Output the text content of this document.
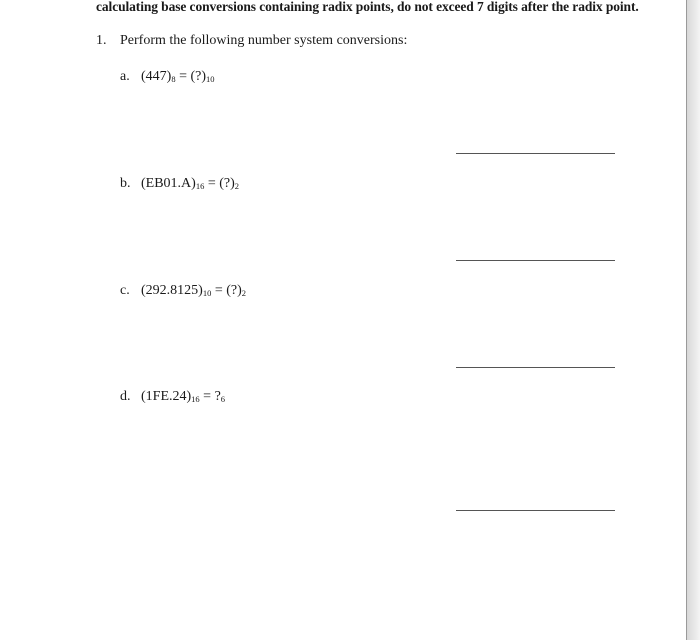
calculating base conversions containing radix points, do not exceed 7 digits after the radix point.
1. Perform the following number system conversions:
a. $(447)_8$ = $(?)_{10}$
b. $(EB01.A)_{16}$ = $(?)_2$
c. $(292.8125)_{10}$ = $(?)_2$
d. $(1FE.24)_{16}$ = $?_6$
